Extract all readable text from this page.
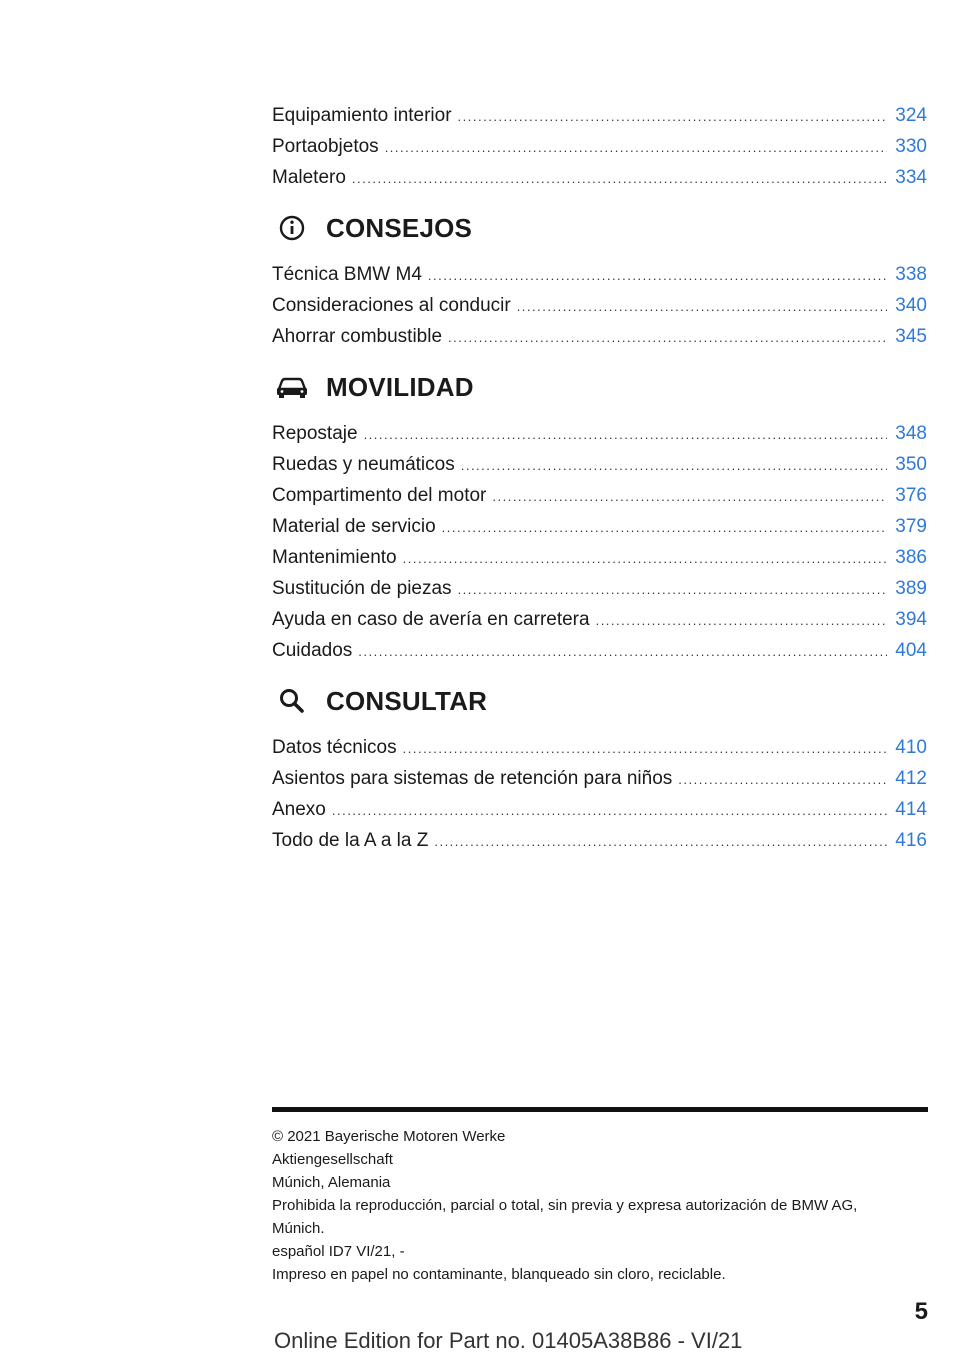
Equipamiento interior .....	324
Portaobjetos .....	330
Maletero .....	334
CONSEJOS
Técnica BMW M4 .....	338
Consideraciones al conducir .....	340
Ahorrar combustible .....	345
MOVILIDAD
Repostaje .....	348
Ruedas y neumáticos .....	350
Compartimento del motor .....	376
Material de servicio .....	379
Mantenimiento .....	386
Sustitución de piezas .....	389
Ayuda en caso de avería en carretera .....	394
Cuidados .....	404
CONSULTAR
Datos técnicos .....	410
Asientos para sistemas de retención para niños .....	412
Anexo .....	414
Todo de la A a la Z .....	416
© 2021 Bayerische Motoren Werke
Aktiengesellschaft
Múnich, Alemania
Prohibida la reproducción, parcial o total, sin previa y expresa autorización de BMW AG,
Múnich.
español ID7 VI/21, -
Impreso en papel no contaminante, blanqueado sin cloro, reciclable.
5
Online Edition for Part no. 01405A38B86 - VI/21
